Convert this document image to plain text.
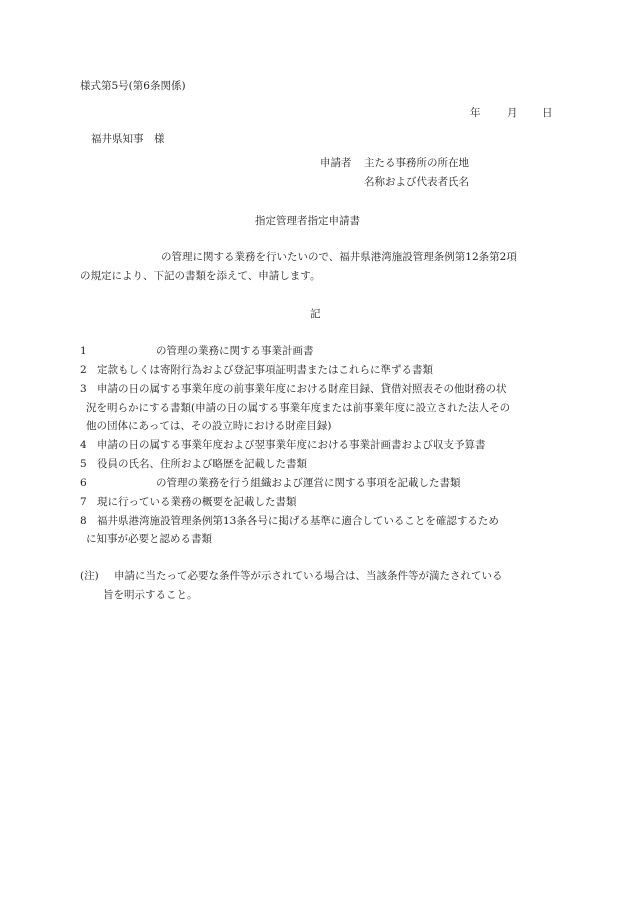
様式第5号(第6条関係)
年	月 日
福井県知事　様
申請者 主たる事務所の所在地
名称および代表者氏名
指定管理者指定申請書
の管理に関する業務を行いたいので、福井県港湾施設管理条例第12条第2項
の規定により、下記の書類を添えて、申請します。
記
1	の管理の業務に関する事業計画書
2 定款もしくは寄附行為および登記事項証明書またはこれらに準ずる書類
3 申請の日の属する事業年度の前事業年度における財産目録、貸借対照表その他財務の状
況を明らかにする書類(申請の日の属する事業年度または前事業年度に設立された法人その
他の団体にあっては、その設立時における財産目録)
4 申請の日の属する事業年度および翌事業年度における事業計画書および収支予算書
5 役員の氏名、住所および略歴を記載した書類
6	の管理の業務を行う組織および運営に関する事項を記載した書類
7 現に行っている業務の概要を記載した書類
8 福井県港湾施設管理条例第13条各号に掲げる基準に適合していることを確認するため
に知事が必要と認める書類
(注) 申請に当たって必要な条件等が示されている場合は、当該条件等が満たされている
旨を明示すること。
